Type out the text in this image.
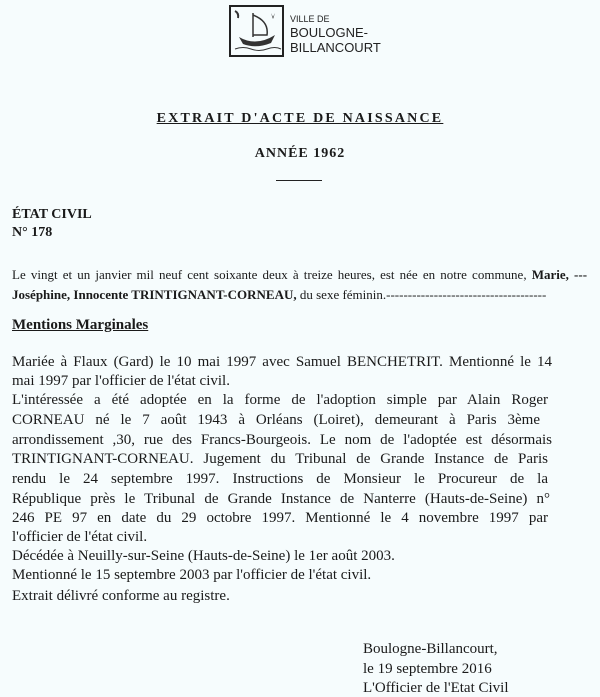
VILLE DE
BOULOGNE-
BILLANCOURT
EXTRAIT D'ACTE DE NAISSANCE
ANNÉE 1962
ÉTAT CIVIL
N° 178
Le vingt et un janvier mil neuf cent soixante deux à treize heures, est née en notre commune, Marie, ---
Joséphine, Innocente TRINTIGNANT-CORNEAU, du sexe féminin.-------------------------------------
Mentions Marginales
Mariée à Flaux (Gard) le 10 mai 1997 avec Samuel BENCHETRIT. Mentionné le 14
mai 1997 par l'officier de l'état civil.
L'intéressée a été adoptée en la forme de l'adoption simple par Alain Roger
CORNEAU né le 7 août 1943 à Orléans (Loiret), demeurant à Paris 3ème
arrondissement ,30, rue des Francs-Bourgeois. Le nom de l'adoptée est désormais
TRINTIGNANT-CORNEAU. Jugement du Tribunal de Grande Instance de Paris
rendu le 24 septembre 1997. Instructions de Monsieur le Procureur de la
République près le Tribunal de Grande Instance de Nanterre (Hauts-de-Seine) n°
246 PE 97 en date du 29 octobre 1997. Mentionné le 4 novembre 1997 par
l'officier de l'état civil.
Décédée à Neuilly-sur-Seine (Hauts-de-Seine) le 1er août 2003.
Mentionné le 15 septembre 2003 par l'officier de l'état civil.
Extrait délivré conforme au registre.
Boulogne-Billancourt,
le 19 septembre 2016
L'Officier de l'Etat Civil
